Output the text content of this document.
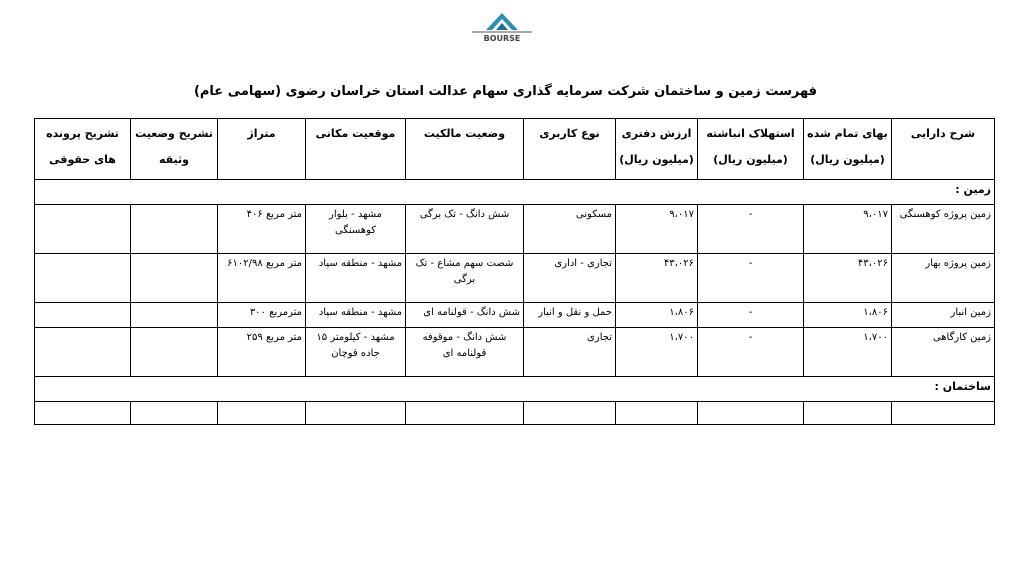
BOURSE
فهرست زمین و ساختمان شرکت سرمایه گذاری سهام عدالت استان خراسان رضوی (سهامی عام)
شرح دارایی	بهای تمام شده (میلیون ریال)	استهلاک انباشته (میلیون ریال)	ارزش دفتری (میلیون ریال)	نوع کاربری	وضعیت مالکیت	موقعیت مکانی	متراژ	تشریح وضعیت وثیقه	تشریح پرونده های حقوقی
زمین :									
زمین پروژه کوهسنگی	۹،۰۱۷	-	۹،۰۱۷	مسکونی	شش دانگ - تک برگی	مشهد - بلوار کوهسنگی	متر مربع ۴۰۶		
زمین پروژه بهار	۴۳،۰۲۶	-	۴۳،۰۲۶	تجاری - اداری	شصت سهم مشاع - تک برگی	مشهد - منطقه سپاد	متر مربع ۶۱۰۲/۹۸		
زمین انبار	۱،۸۰۶	-	۱،۸۰۶	حمل و نقل و انبار	شش دانگ - قولنامه ای	مشهد - منطقه سپاد	مترمربع ۳۰۰		
زمین کارگاهی	۱،۷۰۰	-	۱،۷۰۰	تجاری	شش دانگ - موقوفه قولنامه ای	مشهد - کیلومتر ۱۵ جاده قوچان	متر مربع ۲۵۹		
ساختمان :									
